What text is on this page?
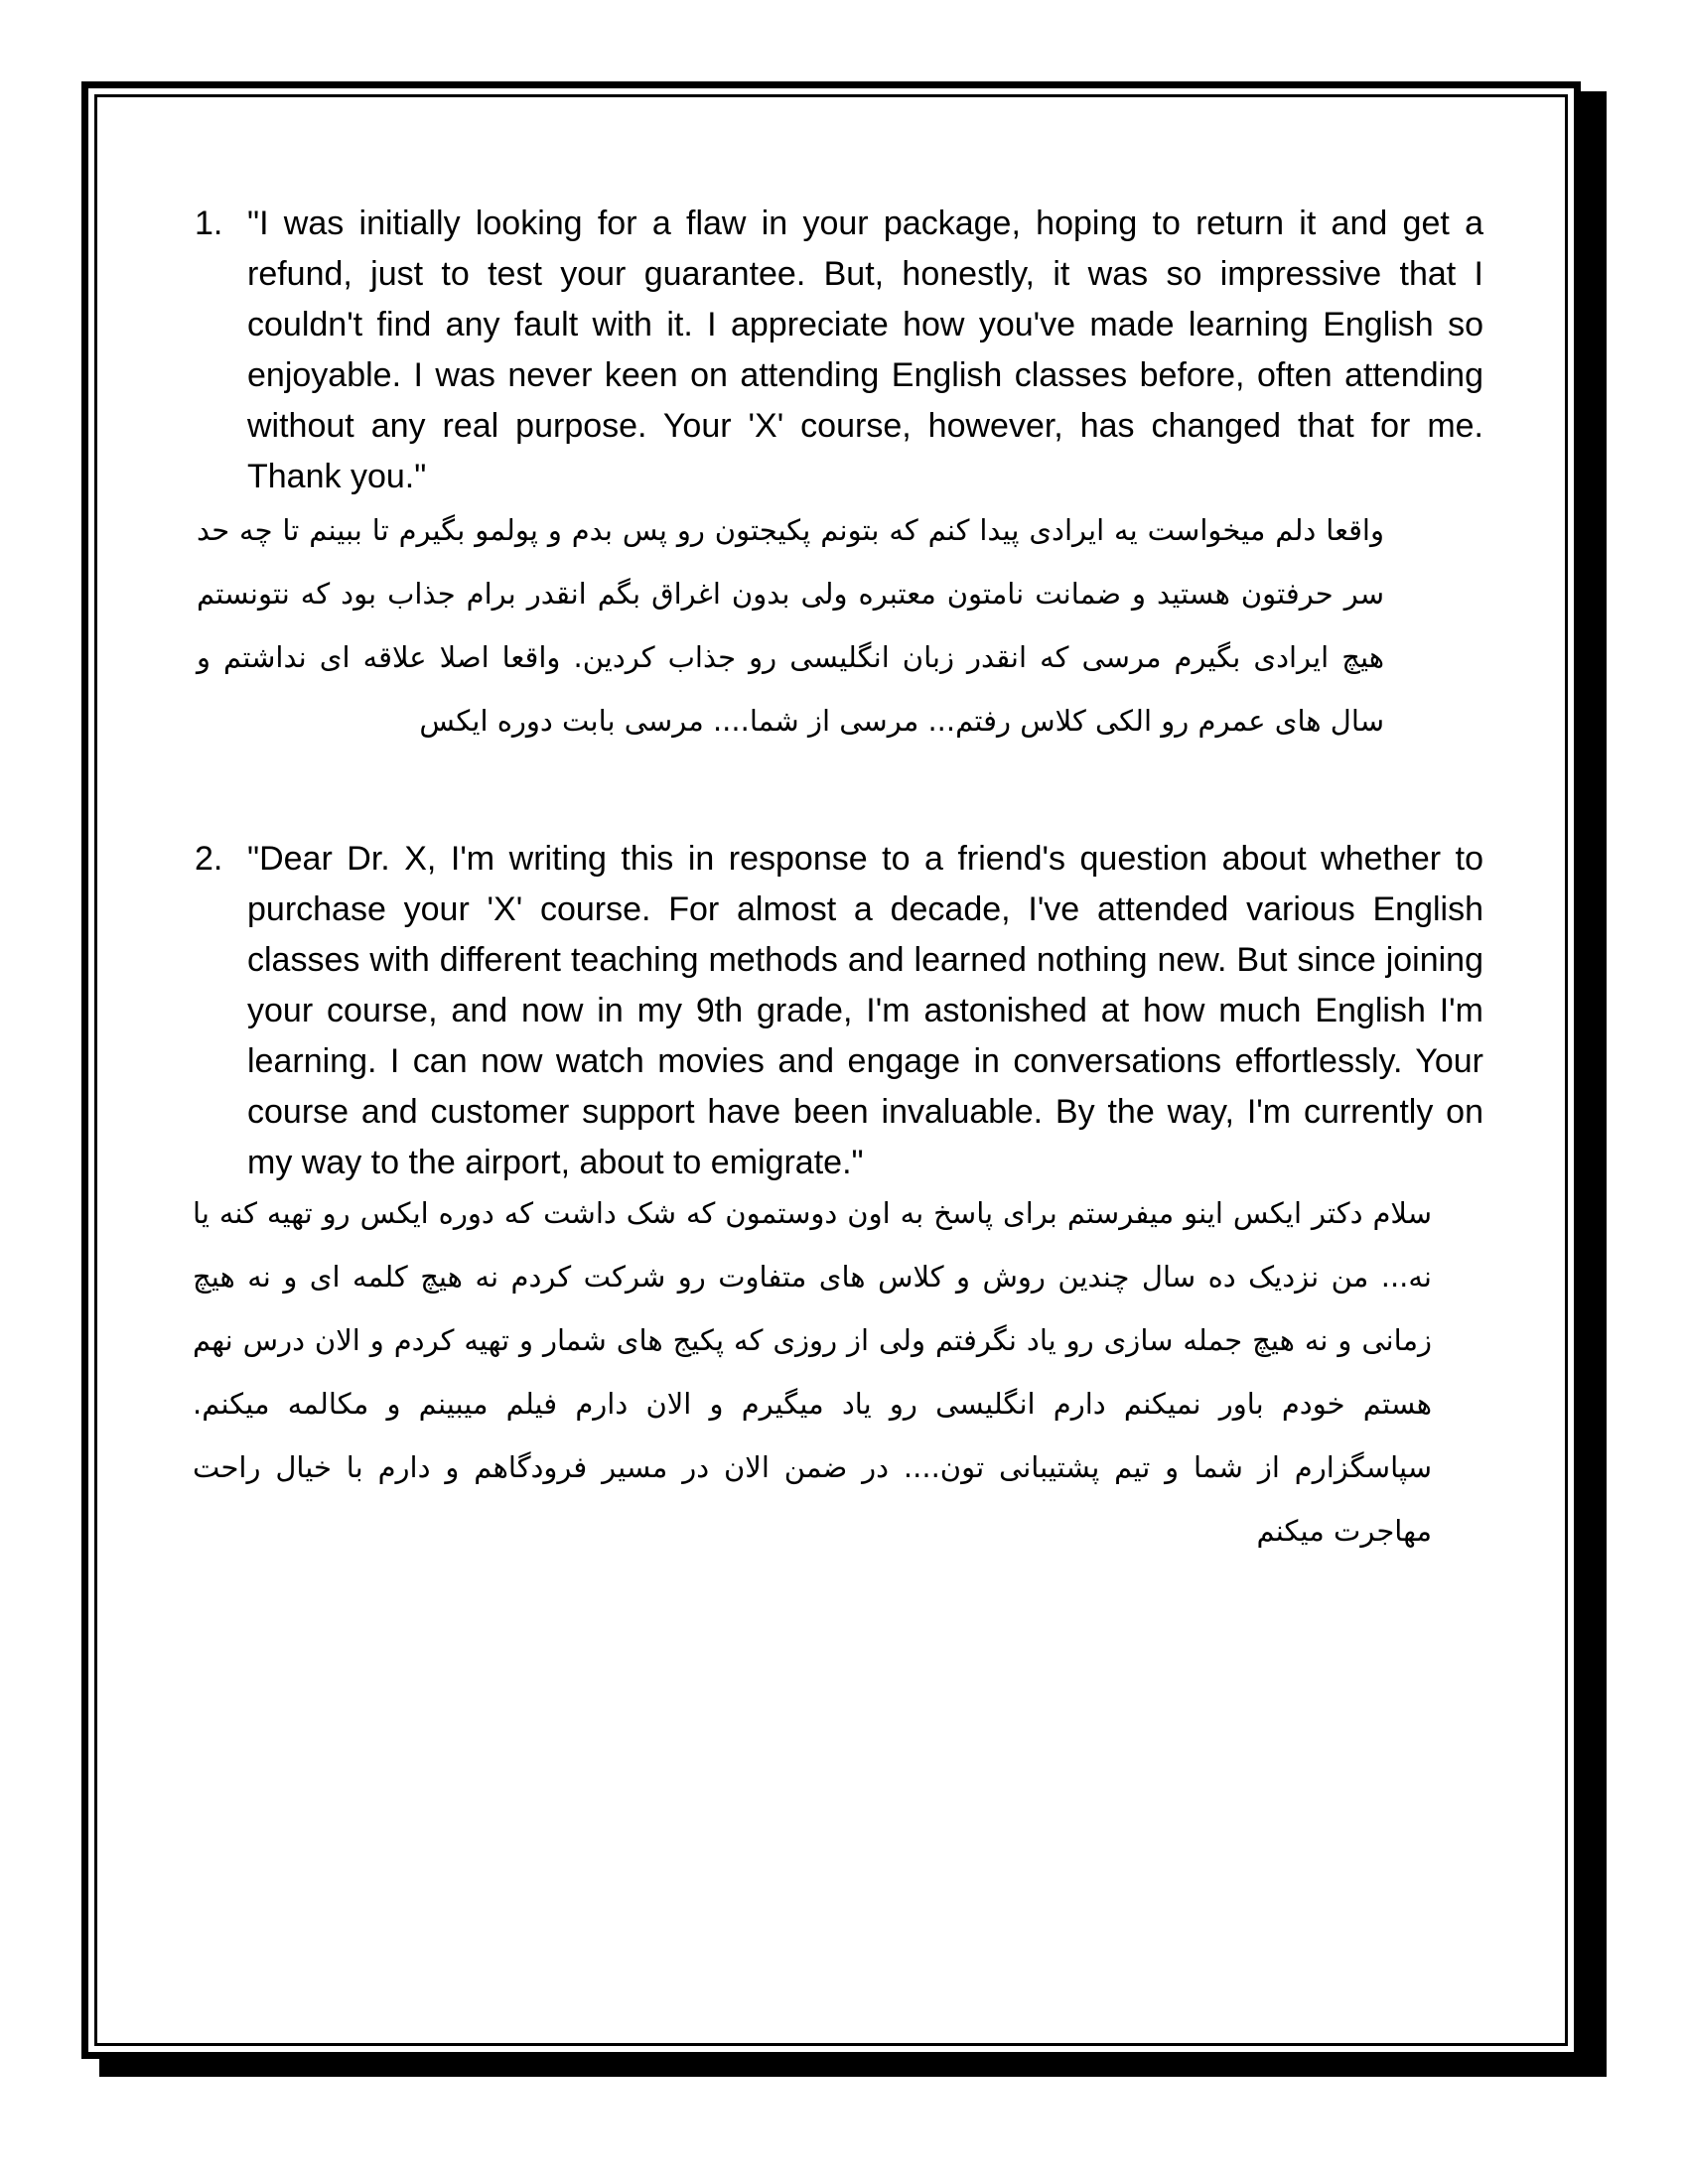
1. "I was initially looking for a flaw in your package, hoping to return it and get a refund, just to test your guarantee. But, honestly, it was so impressive that I couldn't find any fault with it. I appreciate how you've made learning English so enjoyable. I was never keen on attending English classes before, often attending without any real purpose. Your 'X' course, however, has changed that for me. Thank you."
واقعا دلم میخواست یه ایرادی پیدا کنم که بتونم پکیجتون رو پس بدم و پولمو بگیرم تا ببینم تا چه حد سر حرفتون هستید و ضمانت نامتون معتبره ولی بدون اغراق بگم انقدر برام جذاب بود که نتونستم هیچ ایرادی بگیرم مرسی که انقدر زبان انگلیسی رو جذاب کردین. واقعا اصلا علاقه ای نداشتم و سال های عمرم رو الکی کلاس رفتم... مرسی از شما.... مرسی بابت دوره ایکس
2. "Dear Dr. X, I'm writing this in response to a friend's question about whether to purchase your 'X' course. For almost a decade, I've attended various English classes with different teaching methods and learned nothing new. But since joining your course, and now in my 9th grade, I'm astonished at how much English I'm learning. I can now watch movies and engage in conversations effortlessly. Your course and customer support have been invaluable. By the way, I'm currently on my way to the airport, about to emigrate."
سلام دکتر ایکس اینو میفرستم برای پاسخ به اون دوستمون که شک داشت که دوره ایکس رو تهیه کنه یا نه... من نزدیک ده سال چندین روش و کلاس های متفاوت رو شرکت کردم نه هیچ کلمه ای و نه هیچ زمانی و نه هیچ جمله سازی رو یاد نگرفتم ولی از روزی که پکیج های شمار و تهیه کردم و الان درس نهم هستم خودم باور نمیکنم دارم انگلیسی رو یاد میگیرم و الان دارم فیلم میبینم و مکالمه میکنم. سپاسگزارم از شما و تیم پشتیبانی تون.... در ضمن الان در مسیر فرودگاهم و دارم با خیال راحت مهاجرت میکنم
